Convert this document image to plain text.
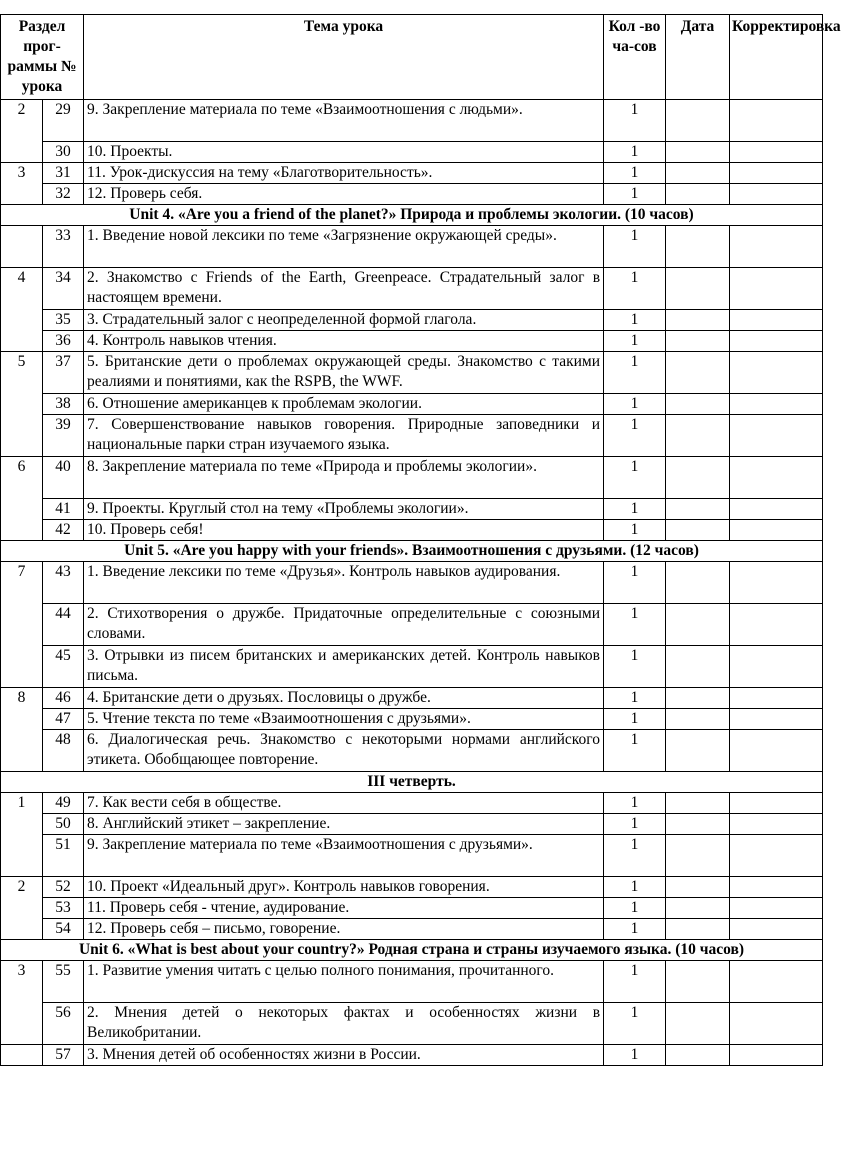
Раздел прог-раммы № урока		Тема урока	Кол -во ча-сов	Дата	Корректировка
2	29	9. Закрепление материала по теме «Взаимоотношения с людьми».	1		
	30	10. Проекты.	1		
3	31	11. Урок-дискуссия на тему «Благотворительность».	1		
	32	12. Проверь себя.	1		
Unit 4. «Are you a friend of the planet?» Природа и проблемы экологии. (10 часов)					
	33	1. Введение новой лексики по теме «Загрязнение окружающей среды».	1		
4	34	2. Знакомство с Friends of the Earth, Greenpeace. Страдательный залог в настоящем времени.	1		
	35	3. Страдательный залог с неопределенной формой глагола.	1		
	36	4. Контроль навыков чтения.	1		
5	37	5. Британские дети о проблемах окружающей среды. Знакомство с такими реалиями и понятиями, как the RSPB, the WWF.	1		
	38	6. Отношение американцев к проблемам экологии.	1		
	39	7. Совершенствование навыков говорения. Природные заповедники и национальные парки стран изучаемого языка.	1		
6	40	8. Закрепление материала по теме «Природа и проблемы экологии».	1		
	41	9. Проекты. Круглый стол на тему «Проблемы экологии».	1		
	42	10. Проверь себя!	1		
Unit 5. «Are you happy with your friends». Взаимоотношения с друзьями. (12 часов)					
7	43	1. Введение лексики по теме «Друзья». Контроль навыков аудирования.	1		
	44	2. Стихотворения о дружбе. Придаточные определительные с союзными словами.	1		
	45	3. Отрывки из писем британских и американских детей. Контроль навыков письма.	1		
8	46	4. Британские дети о друзьях. Пословицы о дружбе.	1		
	47	5. Чтение текста по теме «Взаимоотношения с друзьями».	1		
	48	6. Диалогическая речь. Знакомство с некоторыми нормами английского этикета. Обобщающее повторение.	1		
III четверть.					
1	49	7. Как вести себя в обществе.	1		
	50	8. Английский этикет – закрепление.	1		
	51	9. Закрепление материала по теме «Взаимоотношения с друзьями».	1		
2	52	10. Проект «Идеальный друг». Контроль навыков говорения.	1		
	53	11. Проверь себя - чтение, аудирование.	1		
	54	12. Проверь себя – письмо, говорение.	1		
Unit 6. «What is best about your country?» Родная страна и страны изучаемого языка. (10 часов)					
3	55	1. Развитие умения читать с целью полного понимания, прочитанного.	1		
	56	2. Мнения детей о некоторых фактах и особенностях жизни в Великобритании.	1		
	57	3. Мнения детей об особенностях жизни в России.	1		
